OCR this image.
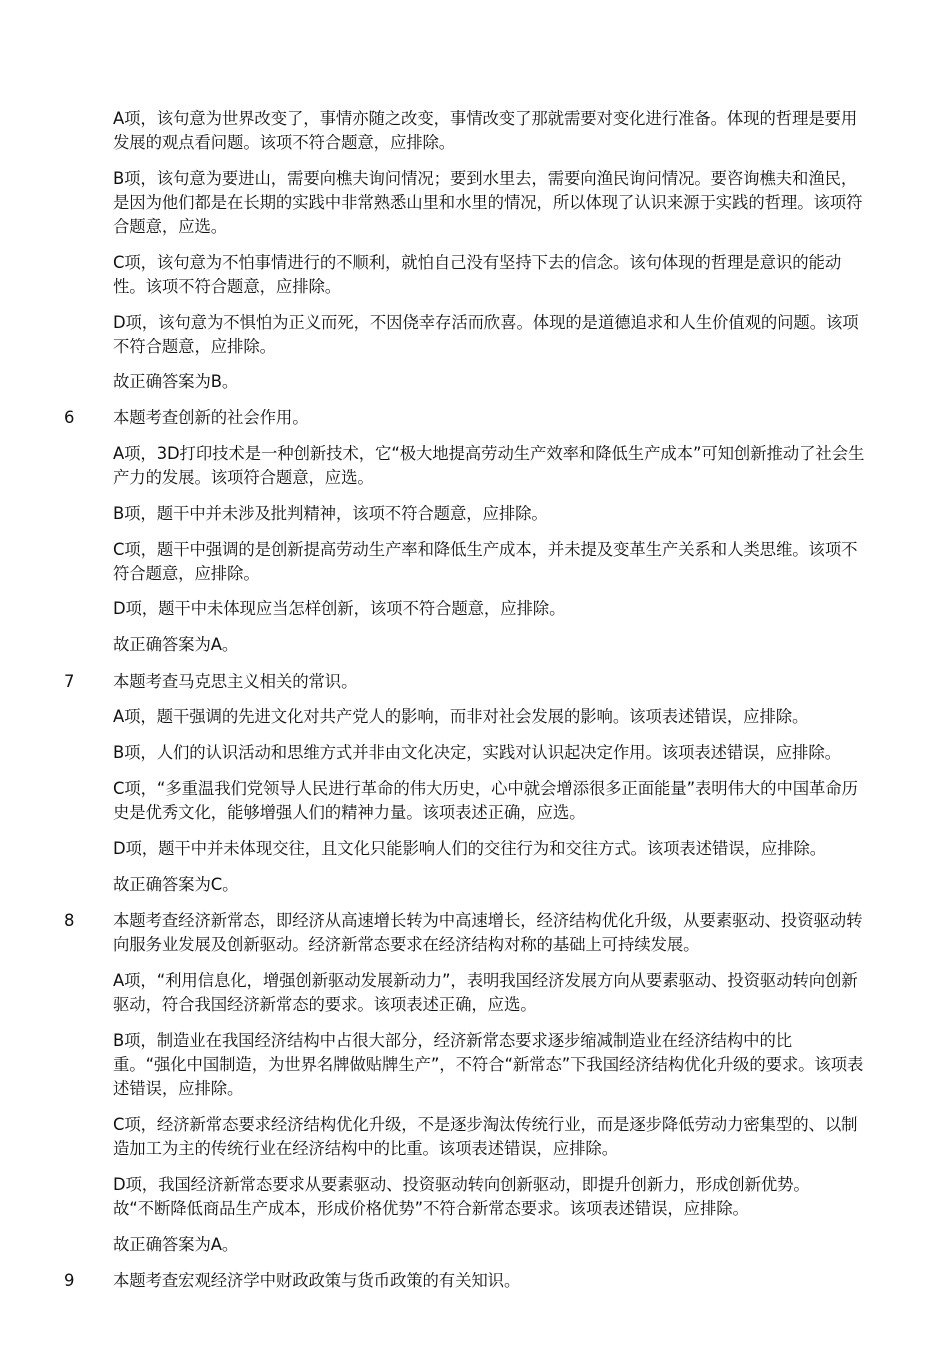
A项，该句意为世界改变了，事情亦随之改变，事情改变了那就需要对变化进行准备。体现的哲理是要用发展的观点看问题。该项不符合题意，应排除。
B项，该句意为要进山，需要向樵夫询问情况；要到水里去，需要向渔民询问情况。要咨询樵夫和渔民，是因为他们都是在长期的实践中非常熟悉山里和水里的情况，所以体现了认识来源于实践的哲理。该项符合题意，应选。
C项，该句意为不怕事情进行的不顺利，就怕自己没有坚持下去的信念。该句体现的哲理是意识的能动性。该项不符合题意，应排除。
D项，该句意为不惧怕为正义而死，不因侥幸存活而欣喜。体现的是道德追求和人生价值观的问题。该项不符合题意，应排除。
故正确答案为B。
6 本题考查创新的社会作用。
A项，3D打印技术是一种创新技术，它“极大地提高劳动生产效率和降低生产成本”可知创新推动了社会生产力的发展。该项符合题意，应选。
B项，题干中并未涉及批判精神，该项不符合题意，应排除。
C项，题干中强调的是创新提高劳动生产率和降低生产成本，并未提及变革生产关系和人类思维。该项不符合题意，应排除。
D项，题干中未体现应当怎样创新，该项不符合题意，应排除。
故正确答案为A。
7 本题考查马克思主义相关的常识。
A项，题干强调的先进文化对共产党人的影响，而非对社会发展的影响。该项表述错误，应排除。
B项，人们的认识活动和思维方式并非由文化决定，实践对认识起决定作用。该项表述错误，应排除。
C项，“多重温我们党领导人民进行革命的伟大历史，心中就会增添很多正面能量”表明伟大的中国革命历史是优秀文化，能够增强人们的精神力量。该项表述正确，应选。
D项，题干中并未体现交往，且文化只能影响人们的交往行为和交往方式。该项表述错误，应排除。
故正确答案为C。
8 本题考查经济新常态，即经济从高速增长转为中高速增长，经济结构优化升级，从要素驱动、投资驱动转向服务业发展及创新驱动。经济新常态要求在经济结构对称的基础上可持续发展。
A项，“利用信息化，增强创新驱动发展新动力”，表明我国经济发展方向从要素驱动、投资驱动转向创新驱动，符合我国经济新常态的要求。该项表述正确，应选。
B项，制造业在我国经济结构中占很大部分，经济新常态要求逐步缩减制造业在经济结构中的比
重。“强化中国制造，为世界名牌做贴牌生产”，不符合“新常态”下我国经济结构优化升级的要求。该项表述错误，应排除。
C项，经济新常态要求经济结构优化升级，不是逐步淘汰传统行业，而是逐步降低劳动力密集型的、以制造加工为主的传统行业在经济结构中的比重。该项表述错误，应排除。
D项，我国经济新常态要求从要素驱动、投资驱动转向创新驱动，即提升创新力，形成创新优势。
故“不断降低商品生产成本，形成价格优势”不符合新常态要求。该项表述错误，应排除。
故正确答案为A。
9 本题考查宏观经济学中财政政策与货币政策的有关知识。
